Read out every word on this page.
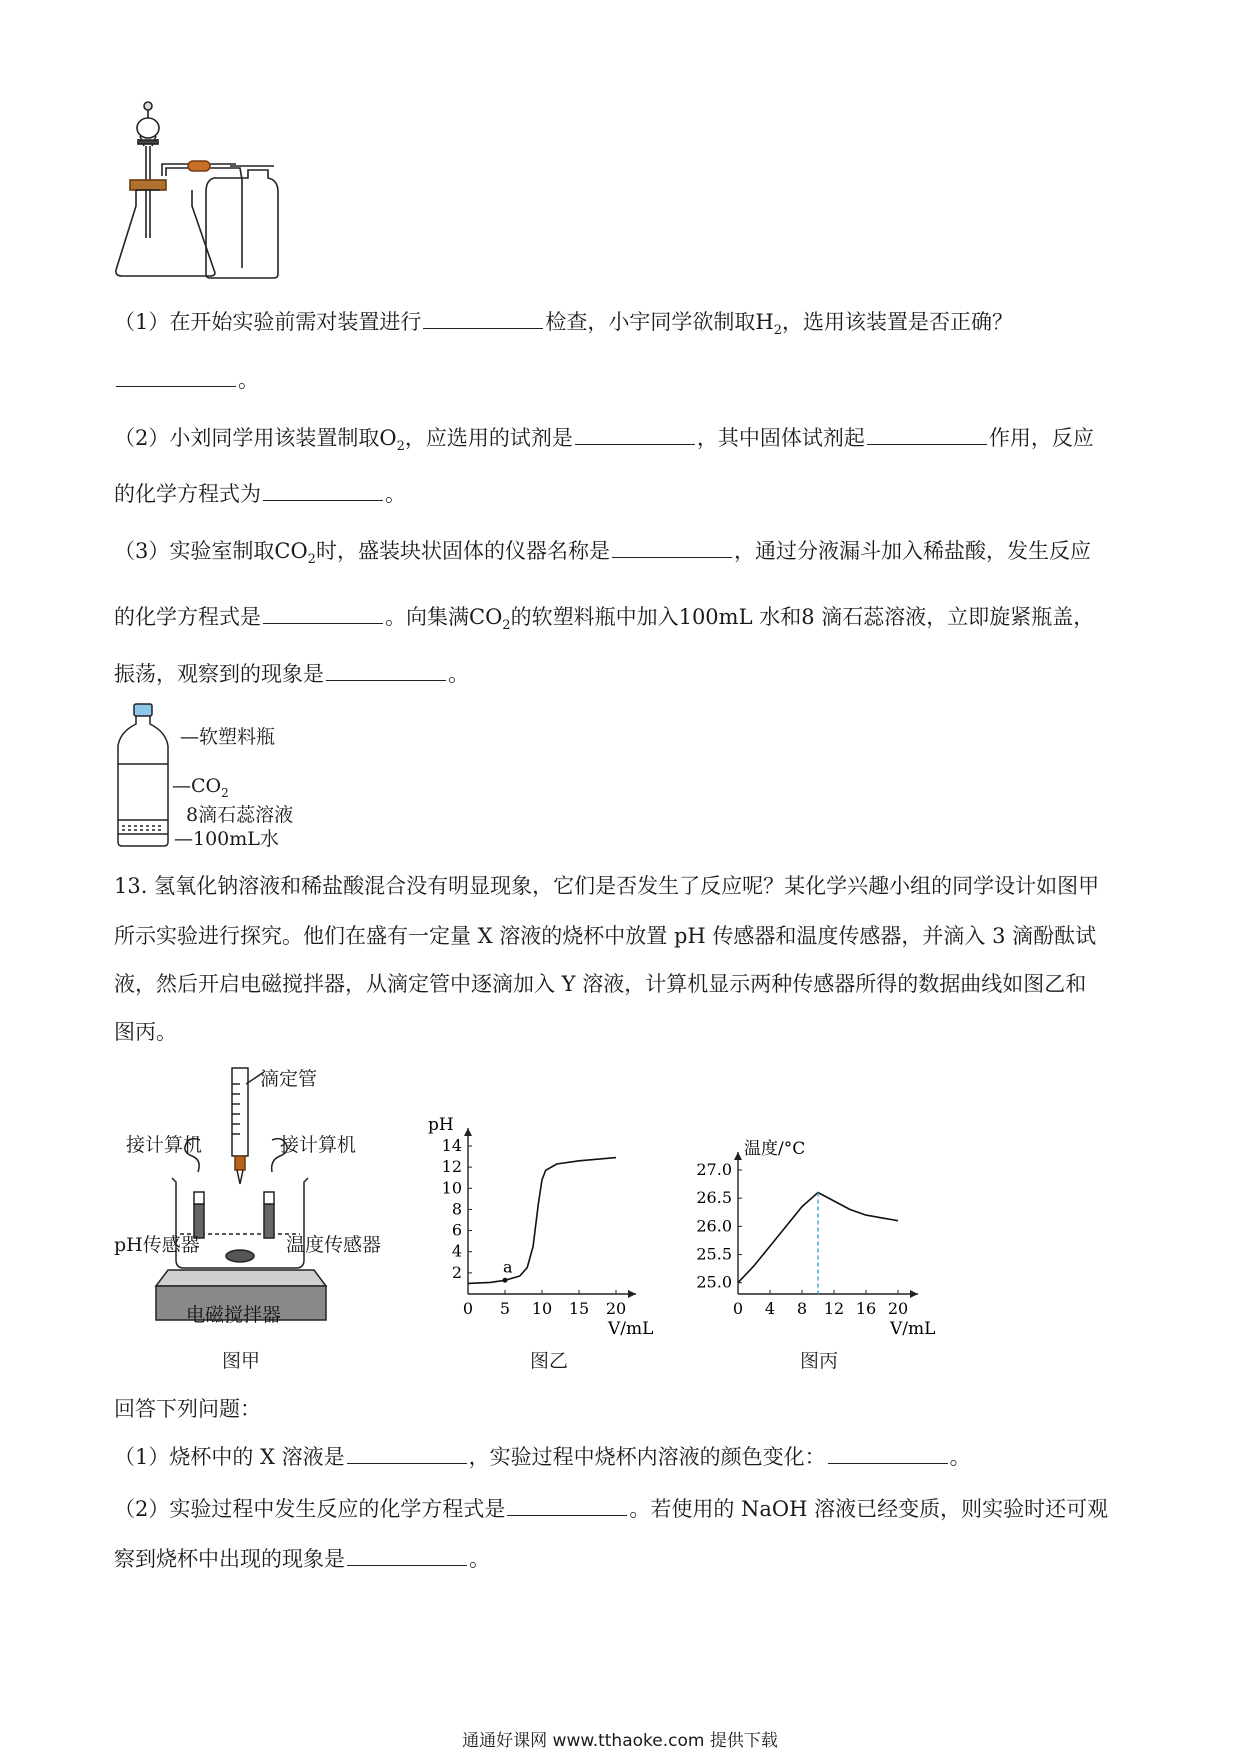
（1）在开始实验前需对装置进行	检查，小宇同学欲制取$H_2$，选用该装置是否正确？
。
（2）小刘同学用该装置制取$O_2$，应选用的试剂是	，其中固体试剂起	作用，反应
的化学方程式为	。
（3）实验室制取$CO_2$时，盛装块状固体的仪器名称是	，通过分液漏斗加入稀盐酸，发生反应
的化学方程式是	。向集满$CO_2$的软塑料瓶中加入100mL 水和8 滴石蕊溶液，立即旋紧瓶盖，
振荡，观察到的现象是	。
—软塑料瓶
$—CO_2$
8滴石蕊溶液
—100mL水
13. 氢氧化钠溶液和稀盐酸混合没有明显现象，它们是否发生了反应呢？某化学兴趣小组的同学设计如图甲
所示实验进行探究。他们在盛有一定量 X 溶液的烧杯中放置 pH 传感器和温度传感器，并滴入 3 滴酚酞试
液，然后开启电磁搅拌器，从滴定管中逐滴加入 Y 溶液，计算机显示两种传感器所得的数据曲线如图乙和
图丙。
滴定管
接计算机	接计算机
pH传感器	温度传感器
电磁搅拌器
图甲
0 5 10 15 20
2
4
6
8
10
12
14
pH
V/mL
a
0 4 8 12 16 20
25.0
25.5
26.0
26.5
27.0
温度/°C
V/mL
回答下列问题：
（1）烧杯中的 X 溶液是	，实验过程中烧杯内溶液的颜色变化：	。
（2）实验过程中发生反应的化学方程式是	。若使用的 NaOH 溶液已经变质，则实验时还可观
察到烧杯中出现的现象是	。
通通好课网 www.tthaoke.com 提供下载
图乙	图丙
